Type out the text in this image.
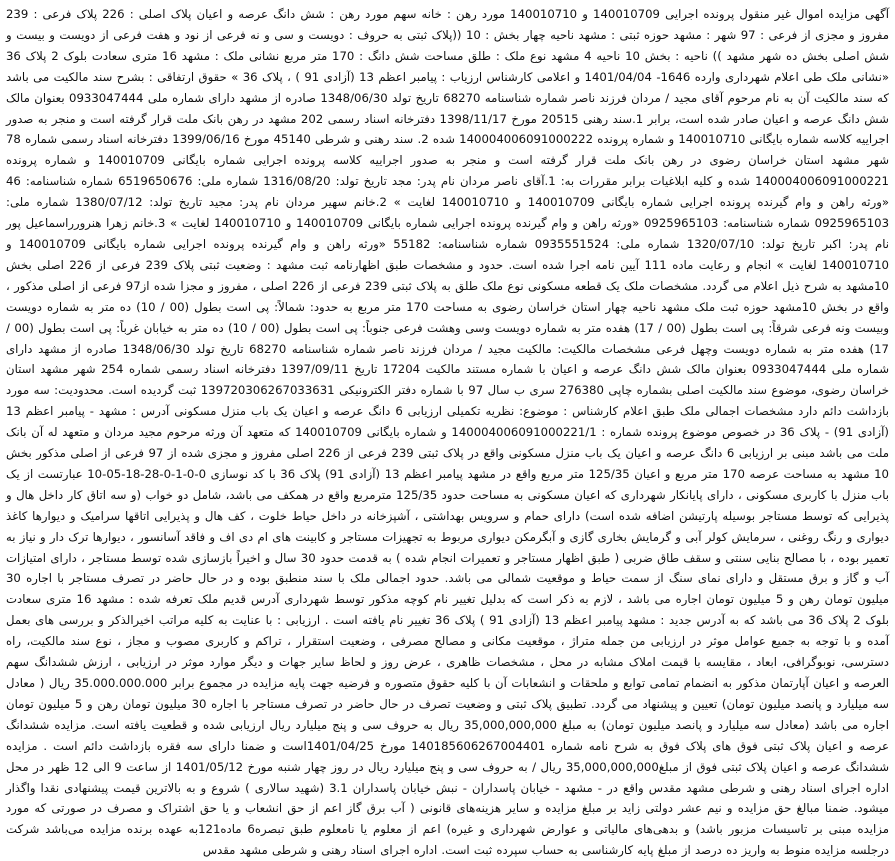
آگهی مزایده اموال غیر منقول پرونده اجرایی 140010709 و 140010710 مورد رهن : خانه سهم مورد رهن : شش دانگ عرصه و اعیان پلاک اصلی : 226 پلاک فرعی : 239 مفروز و مجزی از فرعی : 97 شهر : مشهد حوزه ثبتی : مشهد ناحیه چهار بخش : 10 ((پلاک ثبتی به حروف : دویست و سی و نه فرعی از نود و هفت فرعی از دویست و بیست و شش اصلی بخش ده شهر مشهد )) ناحیه : بخش 10 ناحیه 4 مشهد نوع ملک : طلق مساحت شش دانگ : 170 متر مربع نشانی ملک : مشهد 16 متری سعادت بلوک 2 پلاک 36 «نشانی ملک طی اعلام شهرداری وارده 1646- 1401/04/04 و اعلامی کارشناس ارزیاب : پیامبر اعظم 13 (آزادی 91 ) ، پلاک 36 » حقوق ارتفاقی : بشرح سند مالکیت می باشد که سند مالکیت آن به نام مرحوم آقای مجید / مردان فرزند ناصر شماره شناسنامه 68270 تاریخ تولد 1348/06/30 صادره از مشهد دارای شماره ملی 0933047444 بعنوان مالک شش دانگ عرصه و اعیان صادر شده است، برابر 1.سند رهنی 20515 مورخ 1398/11/17 دفترخانه اسناد رسمی 202 مشهد در رهن بانک ملت قرار گرفته است و منجر به صدور اجراییه کلاسه شماره بایگانی 140010710 و شماره پرونده 140004006091000222 شده 2. سند رهنی و شرطی 45140 مورخ 1399/06/16 دفترخانه اسناد رسمی شماره 78 شهر مشهد استان خراسان رضوی در رهن بانک ملت قرار گرفته است و منجر به صدور اجراییه کلاسه پرونده اجرایی شماره بایگانی 140010709 و شماره پرونده 140004006091000221 شده و کلیه ابلاغیات برابر مقررات به: 1.آقای ناصر مردان نام پدر: مجد تاریخ تولد: 1316/08/20 شماره ملی: 6519650676 شماره شناسنامه: 46 «ورثه راهن و وام گیرنده پرونده اجرایی شماره بایگانی 140010709 و 140010710 لغایت » 2.خانم سهیر مردان نام پدر: مجید تاریخ تولد: 1380/07/12 شماره ملی: 0925965103 شماره شناسنامه: 0925965103 «ورثه راهن و وام گیرنده پرونده اجرایی شماره بایگانی 140010709 و 140010710 لغایت » 3.خانم زهرا هنرورراسماعیل پور نام پدر: اکبر تاریخ تولد: 1320/07/10 شماره ملی: 0935551524 شماره شناسنامه: 55182 «ورثه راهن و وام گیرنده پرونده اجرایی شماره بایگانی 140010709 و 140010710 لغایت » انجام و رعایت ماده 111 آیین نامه اجرا شده است. حدود و مشخصات طبق اظهارنامه ثبت مشهد : وضعیت ثبتی پلاک 239 فرعی از 226 اصلی بخش 10مشهد به شرح ذیل اعلام می گردد. مشخصات ملک یک قطعه مسکونی نوع ملک طلق به پلاک ثبتی 239 فرعی از 226 اصلی ، مفروز و مجزا شده از97 فرعی از اصلی مذکور ، واقع در بخش 10مشهد حوزه ثبت ملک مشهد ناحیه چهار استان خراسان رضوی به مساحت 170 متر مربع به حدود: شمالاً: پی است بطول (00 / 10) ده متر به شماره دویست وبیست ونه فرعی شرقاً: پی است بطول (00 / 17) هفده متر به شماره دویست وسی وهشت فرعی جنوباً: پی است بطول (00 / 10) ده متر به خیابان غرباً: پی است بطول (00 / 17) هفده متر به شماره دویست وچهل فرعی مشخصات مالکیت: مالکیت مجید / مردان فرزند ناصر شماره شناسنامه 68270 تاریخ تولد 1348/06/30 صادره از مشهد دارای شماره ملی 0933047444 بعنوان مالک شش دانگ عرصه و اعیان با شماره مستند مالکیت 17204 تاریخ 1397/09/11 دفترخانه اسناد رسمی شماره 254 شهر مشهد استان خراسان رضوی، موضوع سند مالکیت اصلی بشماره چاپی 276380 سری ب سال 97 با شماره دفتر الکترونیکی 139720306267033631 ثبت گردیده است. محدودیت: سه مورد بازداشت دائم دارد مشخصات اجمالی ملک طبق اعلام کارشناس : موضوع: نظریه تکمیلی ارزیابی 6 دانگ عرصه و اعیان یک باب منزل مسکونی آدرس : مشهد - پیامبر اعظم 13 (آزادی 91) - پلاک 36 در خصوص موضوع پرونده شماره : 140004006091000221/1 و شماره بایگانی 140010709 که متعهد آن ورثه مرحوم مجید مردان و متعهد له آن بانک ملت می باشد مبنی بر ارزیابی 6 دانگ عرصه و اعیان یک باب منزل مسکونی واقع در پلاک ثبتی 239 فرعی از 226 اصلی مفروز و مجزی شده از 97 فرعی از اصلی مذکور بخش 10 مشهد به مساحت عرصه 170 متر مربع و اعیان 125/35 متر مربع واقع در مشهد پیامبر اعظم 13 (آزادی 91) پلاک 36 با کد نوسازی 0-0-1-0-28-18-05-10 عبارتست از یک باب منزل با کاربری مسکونی ، دارای پایانکار شهرداری که اعیان مسکونی به مساحت حدود 125/35 مترمربع واقع در همکف می باشد، شامل دو خواب (و سه اتاق کار داخل هال و پذیرایی که توسط مستاجر بوسیله پارتیشن اضافه شده است) دارای حمام و سرویس بهداشتی ، آشپزخانه در داخل حیاط خلوت ، کف هال و پذیرایی اتاقها سرامیک و دیوارها کاغذ دیواری و رنگ روغنی ، سرمایش کولر آبی و گرمایش بخاری گازی و آبگرمکن دیواری مربوط به تجهیزات مستاجر و کابینت های ام دی اف و فاقد آسانسور ، دیوارها ترک دار و نیاز به تعمیر بوده ، با مصالح بنایی سنتی و سقف طاق ضربی ( طبق اظهار مستاجر و تعمیرات انجام شده ) به قدمت حدود 30 سال و اخیراً بازسازی شده توسط مستاجر ، دارای امتیازات آب و گاز و برق مستقل و دارای نمای سنگ از سمت حیاط و موقعیت شمالی می باشد. حدود اجمالی ملک با سند منطبق بوده و در حال حاضر در تصرف مستاجر با اجاره 30 میلیون تومان رهن و 5 میلیون تومان اجاره می باشد ، لازم به ذکر است که بدلیل تغییر نام کوچه مذکور توسط شهرداری آدرس قدیم ملک تعرفه شده : مشهد 16 متری سعادت بلوک 2 پلاک 36 می باشد که به آدرس جدید : مشهد پیامبر اعظم 13 (آزادی 91 ) پلاک 36 تغییر نام یافته است . ارزیابی : با عنایت به کلیه مراتب اخیرالذکر و بررسی های بعمل آمده و با توجه به جمیع عوامل موثر در ارزیابی من جمله متراژ ، موقعیت مکانی و مصالح مصرفی ، وضعیت استقرار ، تراکم و کاربری مصوب و مجاز ، نوع سند مالکیت، راه دسترسی، نوبوگرافی، ابعاد ، مقایسه با قیمت املاک مشابه در محل ، مشخصات ظاهری ، عرض روز و لحاظ سایر جهات و دیگر موارد موثر در ارزیابی ، ارزش ششدانگ سهم العرصه و اعیان آپارتمان مذکور به انضمام تمامی توابع و ملحقات و انشعابات آن با کلیه حقوق متصوره و فرضیه جهت پایه مزایده در مجموع برابر 35.000.000.000 ریال ( معادل سه میلیارد و پانصد میلیون تومان) تعیین و پیشنهاد می گردد. تطبیق پلاک ثبتی و وضعیت تصرف در حال حاضر در تصرف مستاجر با اجاره 30 میلیون تومان رهن و 5 میلیون تومان اجاره می باشد (معادل سه میلیارد و پانصد میلیون تومان) به مبلغ 35,000,000,000 ریال به حروف سی و پنج میلیارد ریال ارزیابی شده و قطعیت یافته است. مزایده ششدانگ عرصه و اعیان پلاک ثبتی فوق های پلاک فوق به شرح نامه شماره 140185606267004401 مورخ 1401/04/25است و ضمنا دارای سه فقره بازداشت دائم است . مزایده ششدانگ عرصه و اعیان پلاک ثبتی فوق از مبلغ35,000,000,000 ریال / به حروف سی و پنج میلیارد ریال در روز چهار شنبه مورخ 1401/05/12 از ساعت 9 الی 12 ظهر در محل اداره اجرای اسناد رهنی و شرطی مشهد مقدس واقع در - مشهد - خیابان پاسداران - نبش خیابان پاسداران 3.1 (شهید سالاری ) شروع و به بالاترین قیمت پیشنهادی نقدا واگذار میشود. ضمنا مبالغ حق مزایده و نیم عشر دولتی زاید بر مبلغ مزایده و سایر هزینه‌های قانونی ( آب برق گاز اعم از حق انشعاب و یا حق اشتراک و مصرف در صورتی که مورد مزایده مبنی بر تاسیسات مزبور باشد) و بدهی‌های مالیاتی و عوارض شهرداری و غیره) اعم از معلوم یا نامعلوم طبق تبصره6 ماده121به عهده برنده مزایده می‌باشد شرکت درجلسه مزایده منوط به واریز ده درصد از مبلغ پایه کارشناسی به حساب سپرده ثبت است. اداره اجرای اسناد رهنی و شرطی مشهد مقدس
